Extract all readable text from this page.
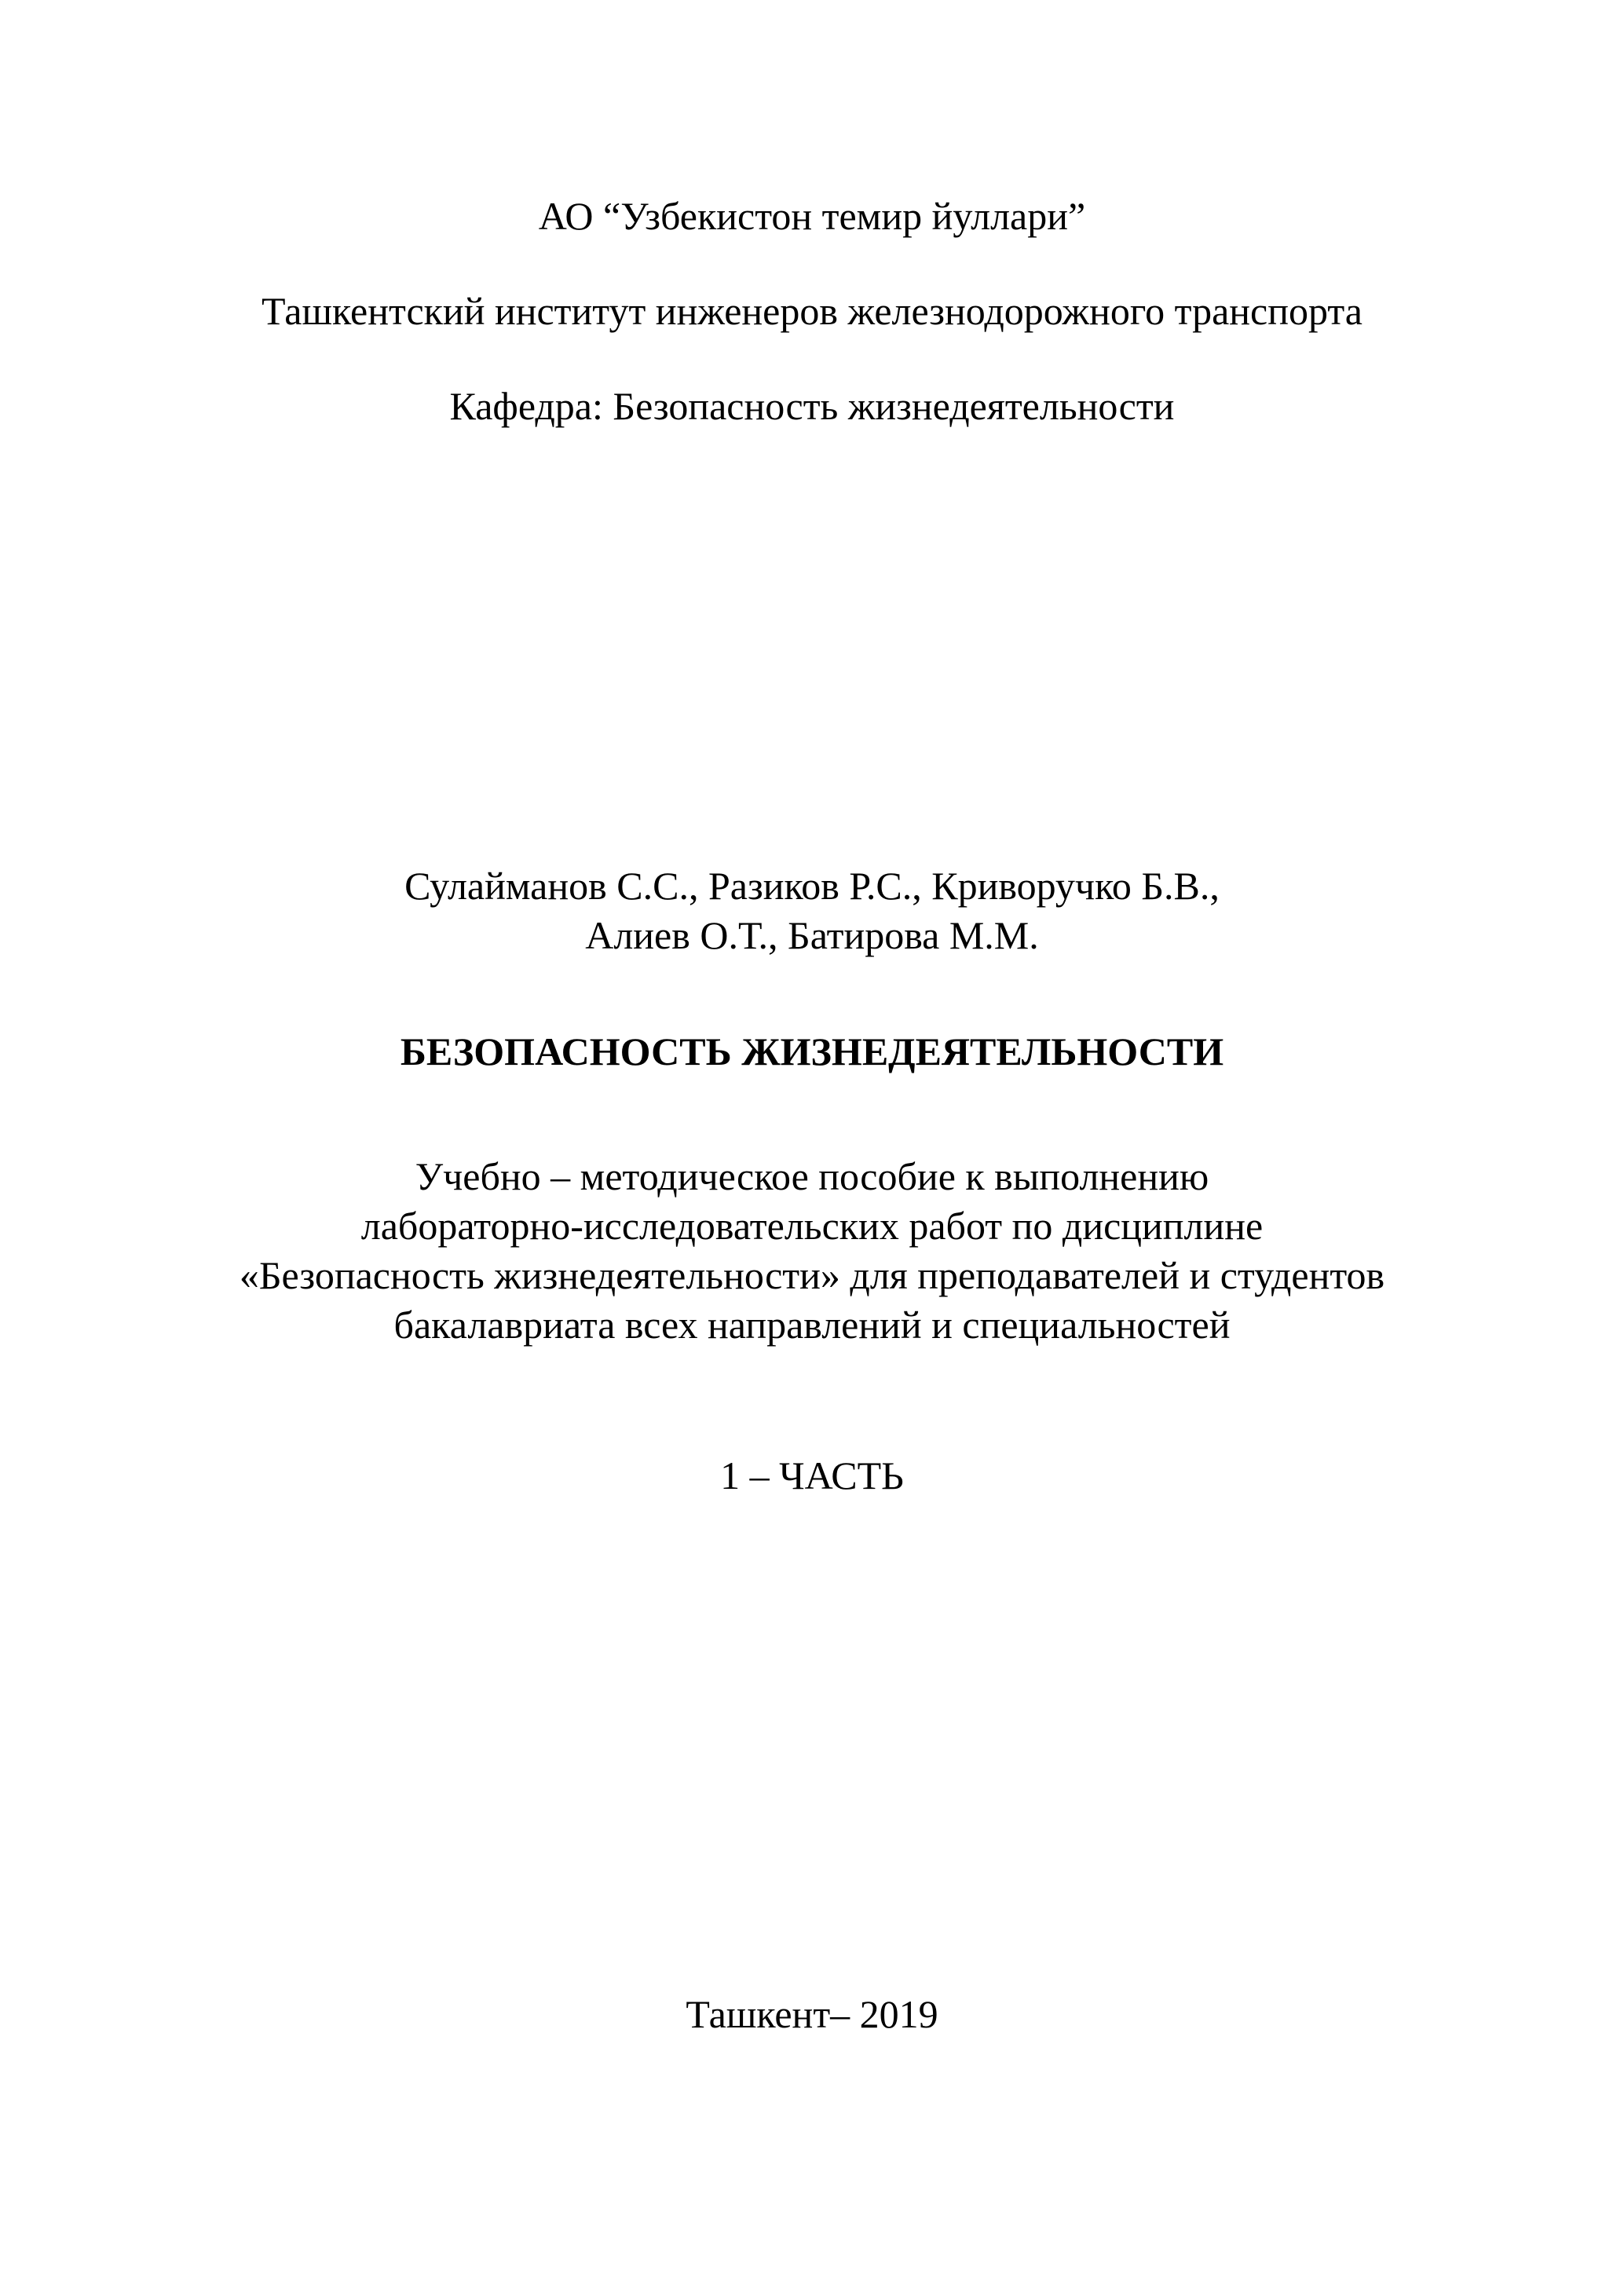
АО “Узбекистон темир йуллари”
Ташкентский институт инженеров железнодорожного транспорта
Кафедра: Безопасность жизнедеятельности
Сулайманов С.С., Разиков Р.С., Криворучко Б.В.,
Алиев О.Т., Батирова М.М.
БЕЗОПАСНОСТЬ ЖИЗНЕДЕЯТЕЛЬНОСТИ
Учебно – методическое пособие к выполнению
лабораторно-исследовательских работ по дисциплине
«Безопасность жизнедеятельности» для преподавателей и студентов
бакалавриата всех направлений и специальностей
1 – ЧАСТЬ
Ташкент– 2019
